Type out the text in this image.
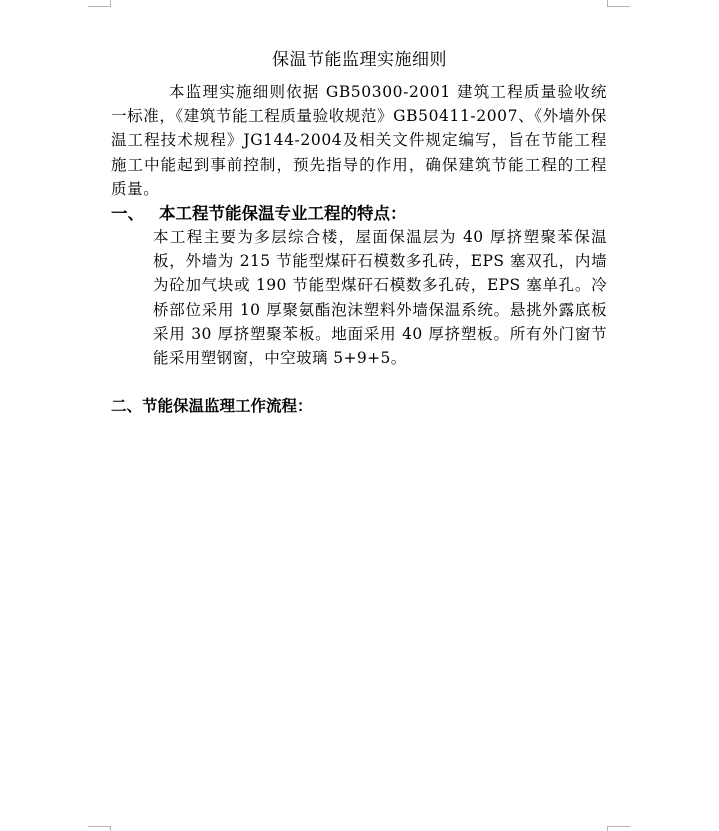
保温节能监理实施细则

本监理实施细则依据 GB50300-2001 建筑工程质量验收统一标准，《建筑节能工程质量验收规范》GB50411-2007、《外墙外保温工程技术规程》JG144-2004及相关文件规定编写，旨在节能工程施工中能起到事前控制，预先指导的作用，确保建筑节能工程的工程质量。

一、 本工程节能保温专业工程的特点：

本工程主要为多层综合楼，屋面保温层为 40 厚挤塑聚苯保温板，外墙为 215 节能型煤矸石模数多孔砖，EPS 塞双孔，内墙为砼加气块或 190 节能型煤矸石模数多孔砖，EPS 塞单孔。冷桥部位采用 10 厚聚氨酯泡沫塑料外墙保温系统。悬挑外露底板采用 30 厚挤塑聚苯板。地面采用 40 厚挤塑板。所有外门窗节能采用塑钢窗，中空玻璃 5+9+5。

二、节能保温监理工作流程：
